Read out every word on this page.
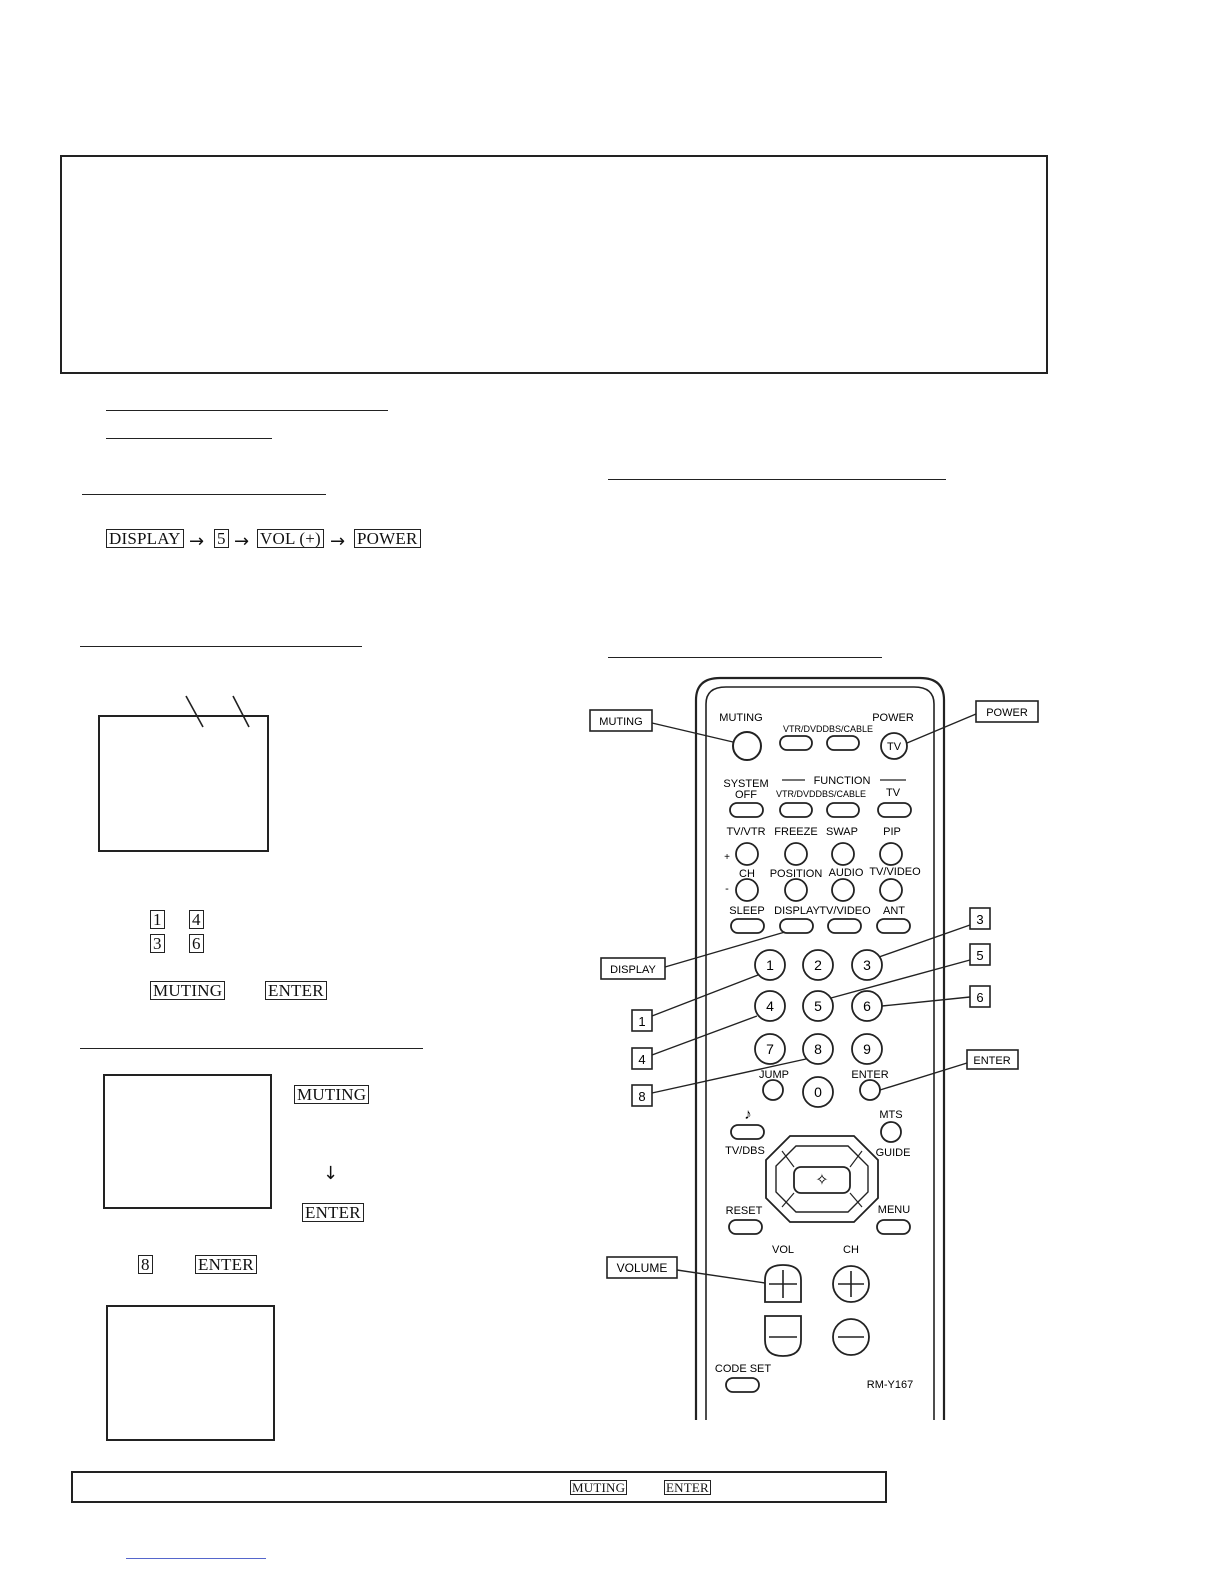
DISPLAY → 5 → VOL (+) → POWER
1 4
3 6
MUTING	ENTER
MUTING
↓
ENTER
8	ENTER
MUTING	ENTER
MUTING
VTR/DVDDBS/CABLE
POWER
TV
SYSTEM
OFF
FUNCTION
VTR/DVDDBS/CABLE TV
TV/VTR FREEZE SWAP PIP
+
CH POSITION AUDIO TV/VIDEO
-
SLEEP DISPLAY TV/VIDEO ANT
1	2	3
4	5	6
7	8	9
JUMP
0
ENTER
♪	MTS
TV/DBS	GUIDE
✧
RESET	MENU
VOL	CH
CODE SET
RM-Y167
MUTING
POWER
DISPLAY
3
5
6
1
4
8
ENTER
VOLUME
